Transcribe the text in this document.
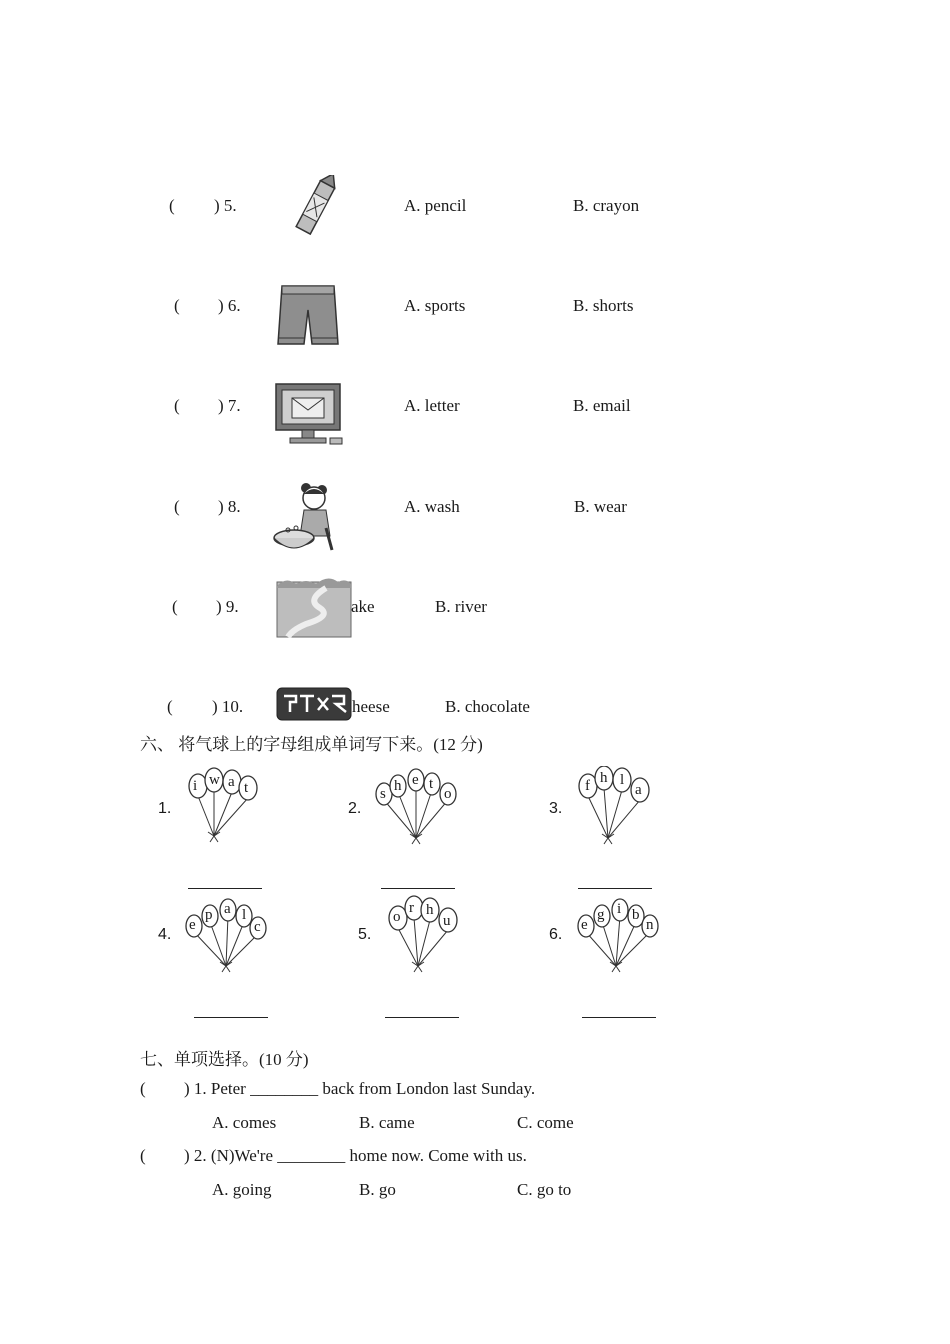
( ) 5.	A. pencil	B. crayon
( ) 6.	A. sports	B. shorts
( ) 7.	A. letter	B. email
( ) 8.	A. wash	B. wear
( ) 9.	ake	B. river
( ) 10.	heese	B. chocolate
六、 将气球上的字母组成单词写下来。(12 分)
1.
i w a t
2.
s h e t
o
3.
f h l
a
4.
e
p a l
c	5.
o
r h
u
6.
e
g i b
n
七、单项选择。(10 分)
( ) 1. Peter ________ back from London last Sunday.
A. comes	B. came	C. come
( ) 2. (N)We're ________ home now. Come with us.
A. going	B. go	C. go to
